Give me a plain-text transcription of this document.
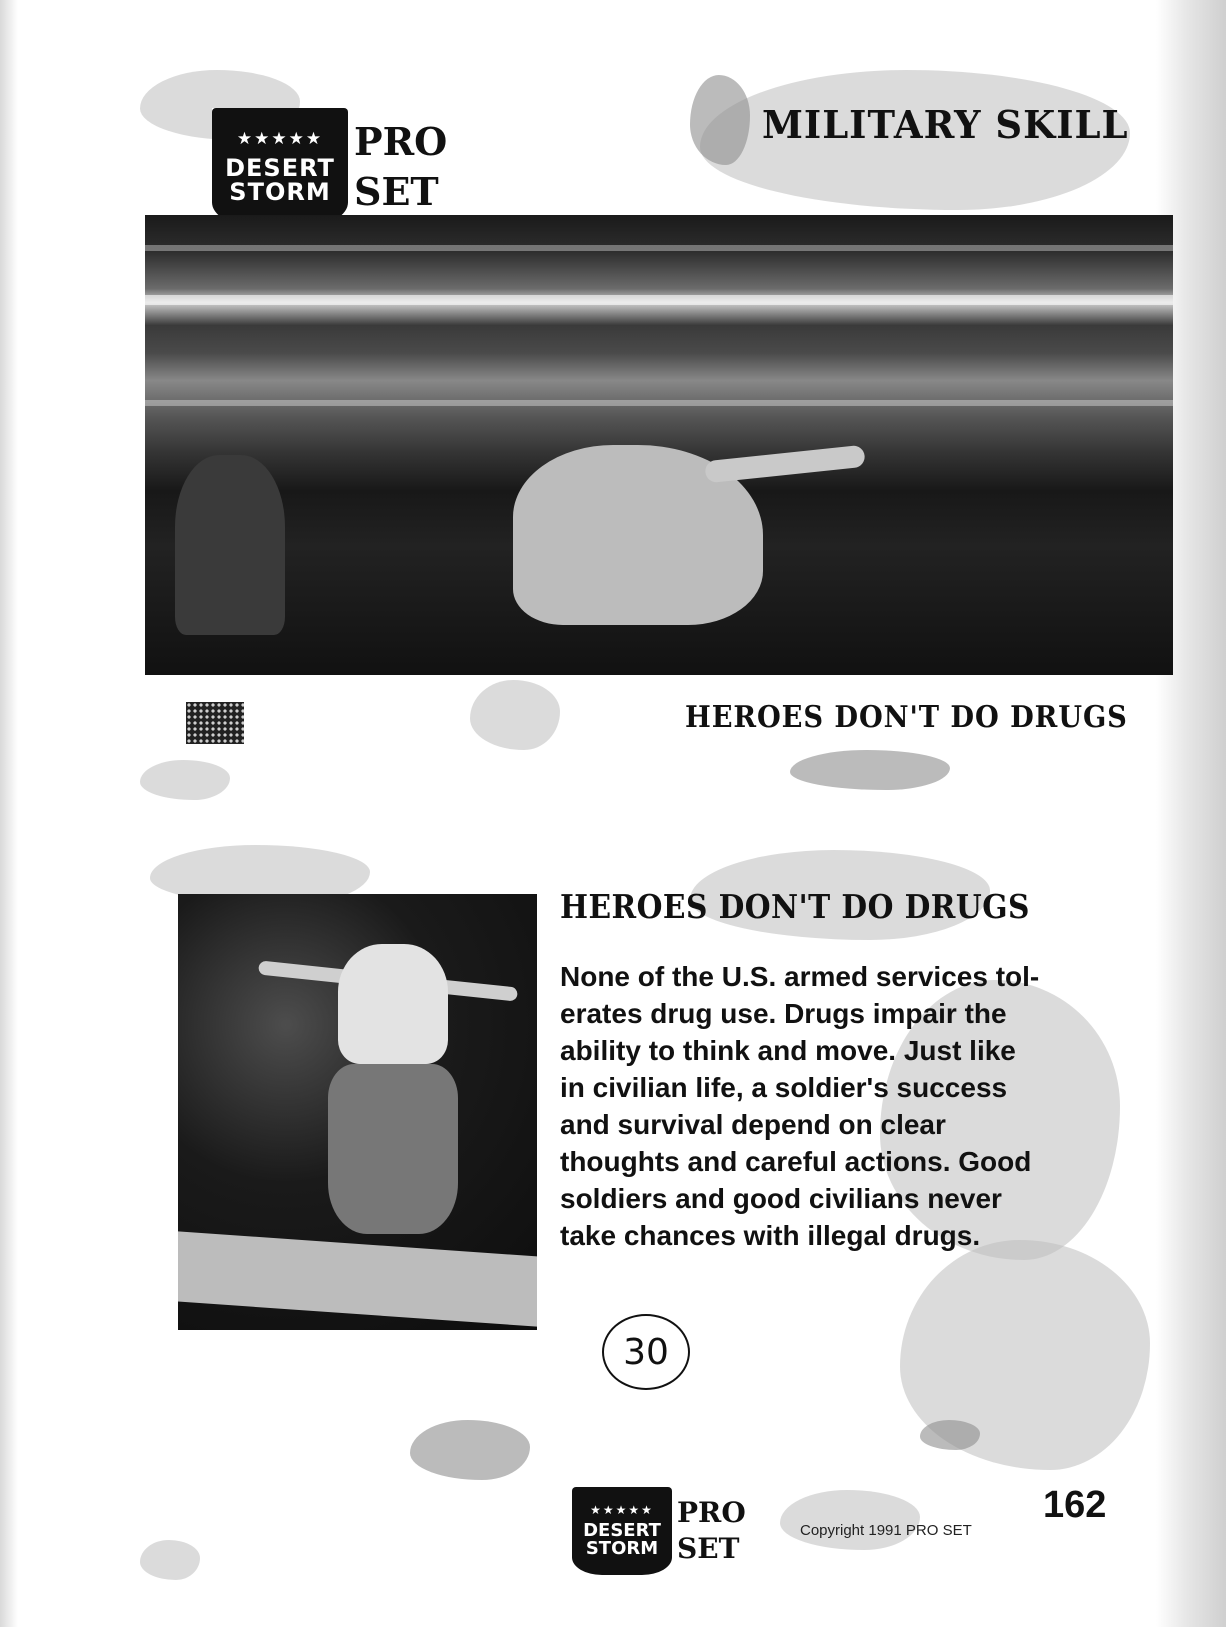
★★★★★
DESERT
STORM
PRO
SET
MILITARY SKILL
HEROES DON'T DO DRUGS
HEROES DON'T DO DRUGS
None of the U.S. armed services tol-
erates drug use. Drugs impair the
ability to think and move. Just like
in civilian life, a soldier's success
and survival depend on clear
thoughts and careful actions. Good
soldiers and good civilians never
take chances with illegal drugs.
30
★★★★★
DESERT
STORM
PRO
SET
Copyright 1991 PRO SET
162
